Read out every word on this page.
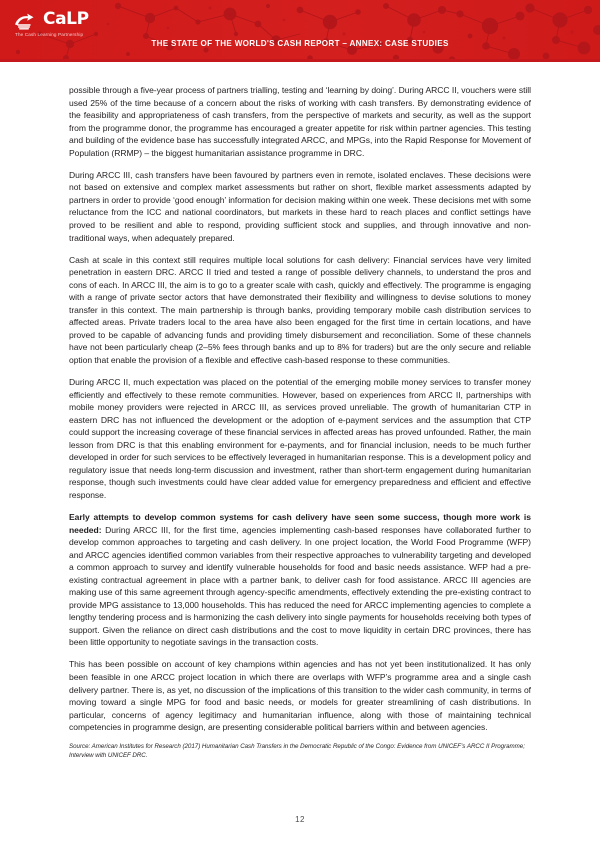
CaLP
The Cash Learning Partnership
THE STATE OF THE WORLD'S CASH REPORT – ANNEX: CASE STUDIES

possible through a five-year process of partners trialling, testing and ‘learning by doing’. During ARCC II, vouchers were still used 25% of the time because of a concern about the risks of working with cash transfers. By demonstrating evidence of the feasibility and appropriateness of cash transfers, from the perspective of markets and security, as well as the support from the programme donor, the programme has encouraged a greater appetite for risk within partner agencies. This testing and building of the evidence base has successfully integrated ARCC, and MPGs, into the Rapid Response for Movement of Population (RRMP) – the biggest humanitarian assistance programme in DRC.

During ARCC III, cash transfers have been favoured by partners even in remote, isolated enclaves. These decisions were not based on extensive and complex market assessments but rather on short, flexible market assessments adapted by partners in order to provide ‘good enough’ information for decision making within one week. These decisions met with some reluctance from the ICC and national coordinators, but markets in these hard to reach places and conflict settings have proved to be resilient and able to respond, providing sufficient stock and supplies, and through innovative and non-traditional ways, when adequately prepared.

Cash at scale in this context still requires multiple local solutions for cash delivery: Financial services have very limited penetration in eastern DRC. ARCC II tried and tested a range of possible delivery channels, to understand the pros and cons of each. In ARCC III, the aim is to go to a greater scale with cash, quickly and effectively. The programme is engaging with a range of private sector actors that have demonstrated their flexibility and willingness to devise solutions to money transfer in this context. The main partnership is through banks, providing temporary mobile cash distribution services to affected areas. Private traders local to the area have also been engaged for the first time in certain locations, and have proved to be capable of advancing funds and providing timely disbursement and reconciliation. Some of these channels have not been particularly cheap (2–5% fees through banks and up to 8% for traders) but are the only secure and reliable option that enable the provision of a flexible and effective cash-based response to these communities.

During ARCC II, much expectation was placed on the potential of the emerging mobile money services to transfer money efficiently and effectively to these remote communities. However, based on experiences from ARCC II, partnerships with mobile money providers were rejected in ARCC III, as services proved unreliable. The growth of humanitarian CTP in eastern DRC has not influenced the development or the adoption of e-payment services and the assumption that CTP could support the increasing coverage of these financial services in affected areas has proved unfounded. Rather, the main lesson from DRC is that this enabling environment for e-payments, and for financial inclusion, needs to be much further developed in order for such services to be effectively leveraged in humanitarian response. This is a development policy and regulatory issue that needs long-term discussion and investment, rather than short-term engagement during humanitarian response, though such investments could have clear added value for emergency preparedness and efficient and effective response.

Early attempts to develop common systems for cash delivery have seen some success, though more work is needed: During ARCC III, for the first time, agencies implementing cash-based responses have collaborated further to develop common approaches to targeting and cash delivery. In one project location, the World Food Programme (WFP) and ARCC agencies identified common variables from their respective approaches to vulnerability targeting and developed a common approach to survey and identify vulnerable households for food and basic needs assistance. WFP had a pre-existing contractual agreement in place with a partner bank, to deliver cash for food assistance. ARCC III agencies are making use of this same agreement through agency-specific amendments, effectively extending the pre-existing contract to provide MPG assistance to 13,000 households. This has reduced the need for ARCC implementing agencies to complete a lengthy tendering process and is harmonizing the cash delivery into single payments for households receiving both types of support. Given the reliance on direct cash distributions and the cost to move liquidity in certain DRC provinces, there has been little opportunity to negotiate savings in the transaction costs.

This has been possible on account of key champions within agencies and has not yet been institutionalized. It has only been feasible in one ARCC project location in which there are overlaps with WFP’s programme area and a single cash delivery partner. There is, as yet, no discussion of the implications of this transition to the wider cash community, in terms of moving toward a single MPG for food and basic needs, or models for greater streamlining of cash distributions. In particular, concerns of agency legitimacy and humanitarian influence, along with those of maintaining technical competencies in programme design, are presenting considerable political barriers within and between agencies.

Source: American Institutes for Research (2017) Humanitarian Cash Transfers in the Democratic Republic of the Congo: Evidence from UNICEF’s ARCC II Programme; Interview with UNICEF DRC.

12
